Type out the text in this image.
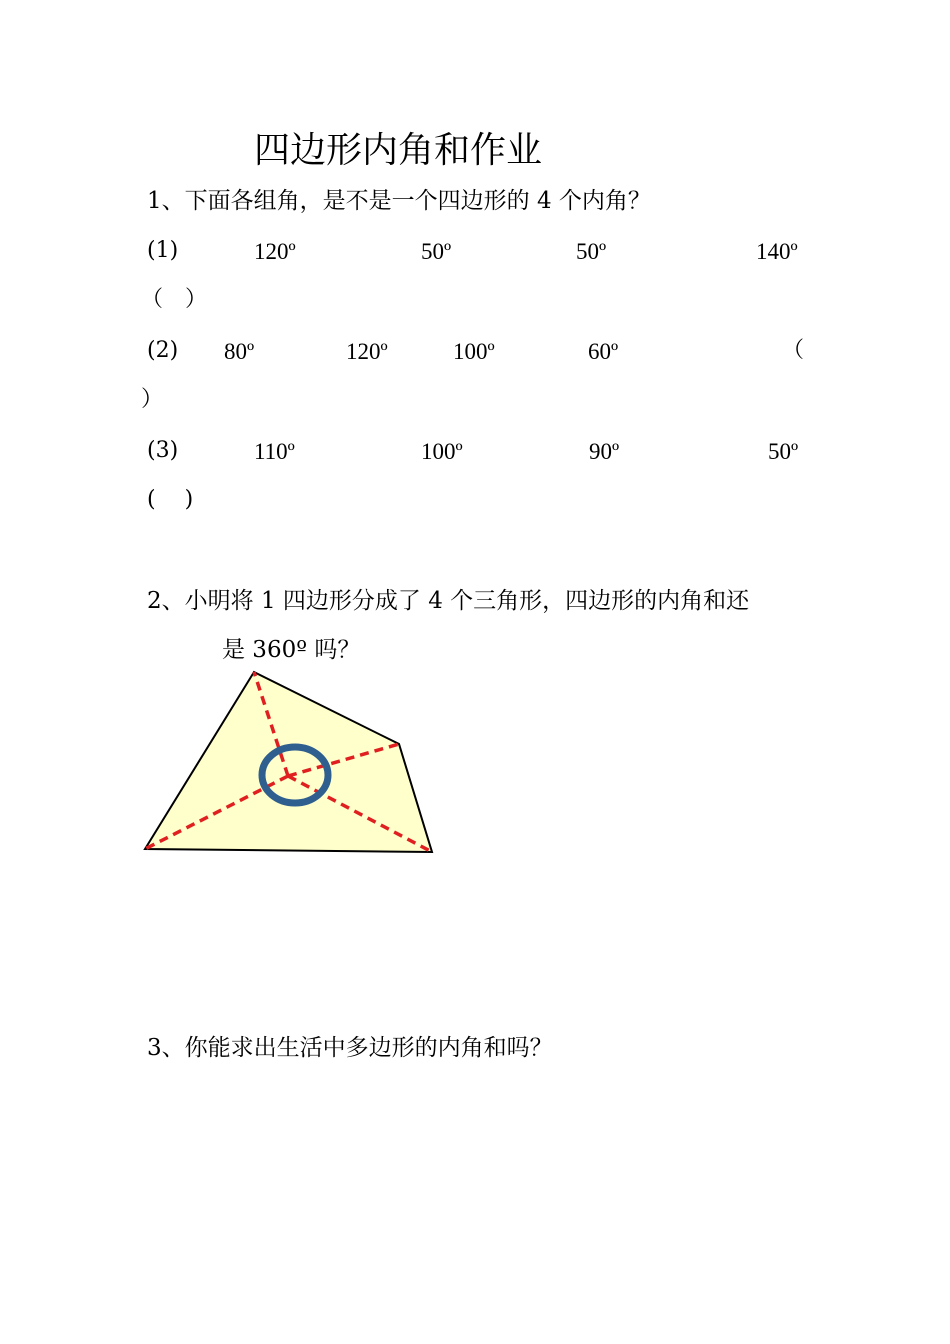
四边形内角和作业
1、下面各组角，是不是一个四边形的 4 个内角？
(1)	120º	50º	50º	140º
（　）
(2) 80º	120º	100º	60º	（
）
(3)	110º	100º	90º	50º
(　 )
2、小明将 1 四边形分成了 4 个三角形，四边形的内角和还
是 360º 吗？
3、你能求出生活中多边形的内角和吗？
